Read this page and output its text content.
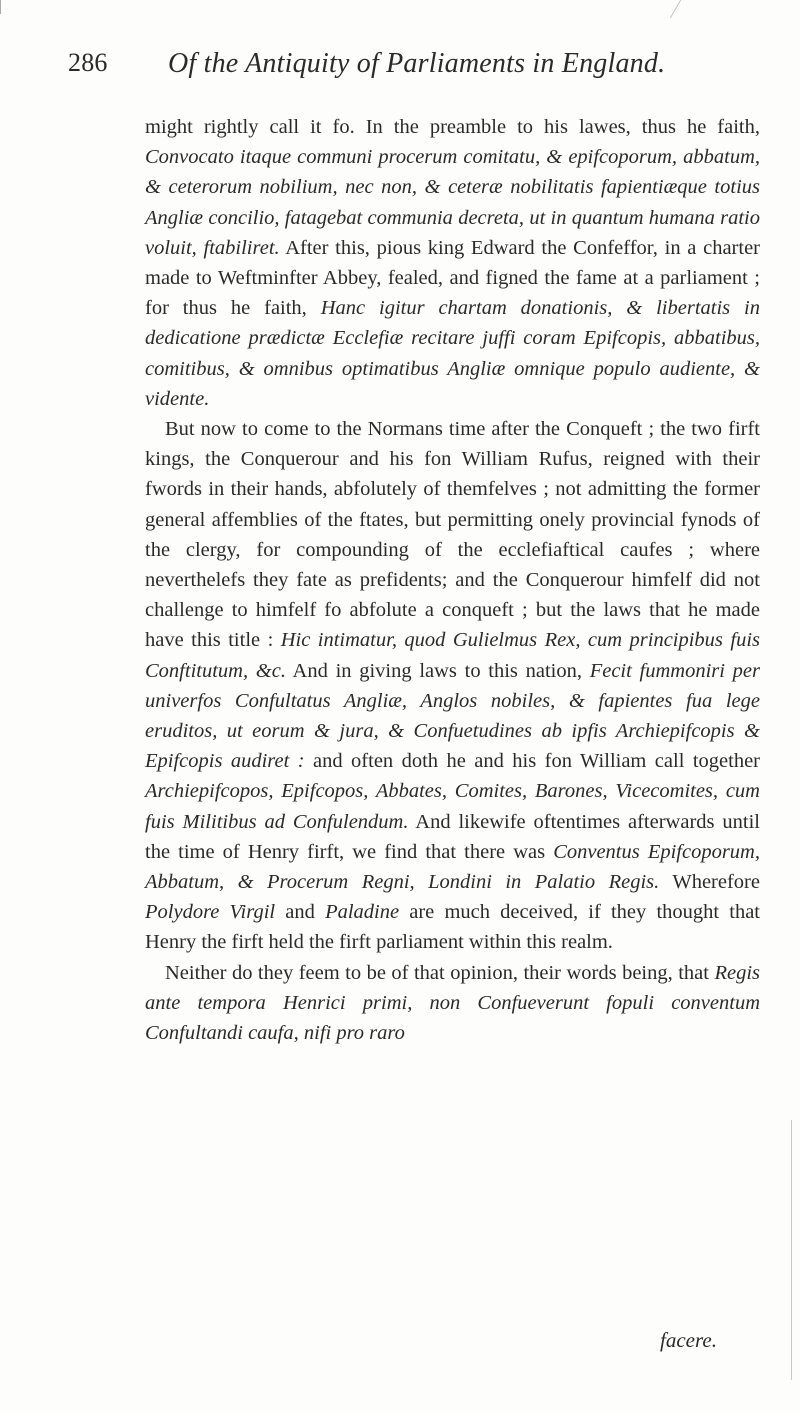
286 Of the Antiquity of Parliaments in England.

might rightly call it fo. In the preamble to his lawes, thus he faith, Convocato itaque communi procerum comitatu, & epifcoporum, abbatum, & ceterorum nobilium, nec non, & ceteræ nobilitatis fapientiæque totius Angliæ concilio, fatagebat communia decreta, ut in quantum humana ratio voluit, ftabiliret. After this, pious king Edward the Confeffor, in a charter made to Weftminfter Abbey, fealed, and figned the fame at a parliament ; for thus he faith, Hanc igitur chartam donationis, & libertatis in dedicatione prædictæ Ecclefiæ recitare juffi coram Epifcopis, abbatibus, comitibus, & omnibus optimatibus Angliæ omnique populo audiente, & vidente.

But now to come to the Normans time after the Conqueft ; the two firft kings, the Conquerour and his fon William Rufus, reigned with their fwords in their hands, abfolutely of themfelves ; not admitting the former general affemblies of the ftates, but permitting onely provincial fynods of the clergy, for compounding of the ecclefiaftical caufes ; where neverthelefs they fate as prefidents; and the Conquerour himfelf did not challenge to himfelf fo abfolute a conqueft ; but the laws that he made have this title : Hic intimatur, quod Gulielmus Rex, cum principibus fuis Conftitutum, &c. And in giving laws to this nation, Fecit fummoniri per univerfos Confultatus Angliæ, Anglos nobiles, & fapientes fua lege eruditos, ut eorum & jura, & Confuetudines ab ipfis Archiepifcopis & Epifcopis audiret : and often doth he and his fon William call together Archiepifcopos, Epifcopos, Abbates, Comites, Barones, Vicecomites, cum fuis Militibus ad Confulendum. And likewife oftentimes afterwards until the time of Henry firft, we find that there was Conventus Epifcoporum, Abbatum, & Procerum Regni, Londini in Palatio Regis. Wherefore Polydore Virgil and Paladine are much deceived, if they thought that Henry the firft held the firft parliament within this realm.

Neither do they feem to be of that opinion, their words being, that Regis ante tempora Henrici primi, non Confueverunt fopuli conventum Confultandi caufa, nifi pro raro

facere.
